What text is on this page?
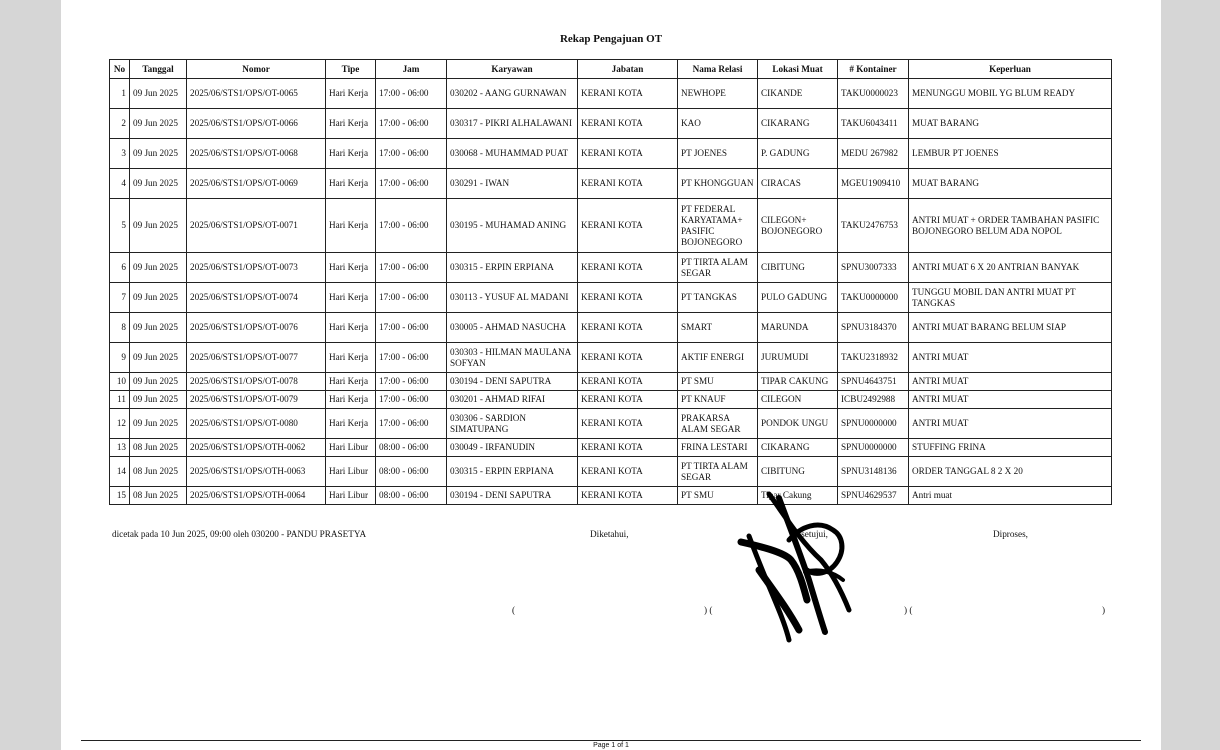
Rekap Pengajuan OT
No	Tanggal	Nomor	Tipe	Jam	Karyawan	Jabatan	Nama Relasi	Lokasi Muat	# Kontainer	Keperluan
1	09 Jun 2025	2025/06/STS1/OPS/OT-0065	Hari Kerja	17:00 - 06:00	030202 - AANG GURNAWAN	KERANI KOTA	NEWHOPE	CIKANDE	TAKU0000023	MENUNGGU MOBIL YG BLUM READY
2	09 Jun 2025	2025/06/STS1/OPS/OT-0066	Hari Kerja	17:00 - 06:00	030317 - PIKRI ALHALAWANI	KERANI KOTA	KAO	CIKARANG	TAKU6043411	MUAT BARANG
3	09 Jun 2025	2025/06/STS1/OPS/OT-0068	Hari Kerja	17:00 - 06:00	030068 - MUHAMMAD PUAT	KERANI KOTA	PT JOENES	P. GADUNG	MEDU 267982	LEMBUR PT JOENES
4	09 Jun 2025	2025/06/STS1/OPS/OT-0069	Hari Kerja	17:00 - 06:00	030291 - IWAN	KERANI KOTA	PT KHONGGUAN	CIRACAS	MGEU1909410	MUAT BARANG
5	09 Jun 2025	2025/06/STS1/OPS/OT-0071	Hari Kerja	17:00 - 06:00	030195 - MUHAMAD ANING	KERANI KOTA	PT FEDERAL KARYATAMA+ PASIFIC BOJONEGORO	CILEGON+ BOJONEGORO	TAKU2476753	ANTRI MUAT + ORDER TAMBAHAN PASIFIC BOJONEGORO BELUM ADA NOPOL
6	09 Jun 2025	2025/06/STS1/OPS/OT-0073	Hari Kerja	17:00 - 06:00	030315 - ERPIN ERPIANA	KERANI KOTA	PT TIRTA ALAM SEGAR	CIBITUNG	SPNU3007333	ANTRI MUAT 6 X 20 ANTRIAN BANYAK
7	09 Jun 2025	2025/06/STS1/OPS/OT-0074	Hari Kerja	17:00 - 06:00	030113 - YUSUF AL MADANI	KERANI KOTA	PT TANGKAS	PULO GADUNG	TAKU0000000	TUNGGU MOBIL DAN ANTRI MUAT PT TANGKAS
8	09 Jun 2025	2025/06/STS1/OPS/OT-0076	Hari Kerja	17:00 - 06:00	030005 - AHMAD NASUCHA	KERANI KOTA	SMART	MARUNDA	SPNU3184370	ANTRI MUAT BARANG BELUM SIAP
9	09 Jun 2025	2025/06/STS1/OPS/OT-0077	Hari Kerja	17:00 - 06:00	030303 - HILMAN MAULANA SOFYAN	KERANI KOTA	AKTIF ENERGI	JURUMUDI	TAKU2318932	ANTRI MUAT
10	09 Jun 2025	2025/06/STS1/OPS/OT-0078	Hari Kerja	17:00 - 06:00	030194 - DENI SAPUTRA	KERANI KOTA	PT SMU	TIPAR CAKUNG	SPNU4643751	ANTRI MUAT
11	09 Jun 2025	2025/06/STS1/OPS/OT-0079	Hari Kerja	17:00 - 06:00	030201 - AHMAD RIFAI	KERANI KOTA	PT KNAUF	CILEGON	ICBU2492988	ANTRI MUAT
12	09 Jun 2025	2025/06/STS1/OPS/OT-0080	Hari Kerja	17:00 - 06:00	030306 - SARDION SIMATUPANG	KERANI KOTA	PRAKARSA ALAM SEGAR	PONDOK UNGU	SPNU0000000	ANTRI MUAT
13	08 Jun 2025	2025/06/STS1/OPS/OTH-0062	Hari Libur	08:00 - 06:00	030049 - IRFANUDIN	KERANI KOTA	FRINA LESTARI	CIKARANG	SPNU0000000	STUFFING FRINA
14	08 Jun 2025	2025/06/STS1/OPS/OTH-0063	Hari Libur	08:00 - 06:00	030315 - ERPIN ERPIANA	KERANI KOTA	PT TIRTA ALAM SEGAR	CIBITUNG	SPNU3148136	ORDER TANGGAL 8 2 X 20
15	08 Jun 2025	2025/06/STS1/OPS/OTH-0064	Hari Libur	08:00 - 06:00	030194 - DENI SAPUTRA	KERANI KOTA	PT SMU	Tipar Cakung	SPNU4629537	Antri muat
dicetak pada 10 Jun 2025, 09:00 oleh 030200 - PANDU PRASETYA	Diketahui,	Disetujui,	Diproses,
(	) (	) (	)
Page 1 of 1
